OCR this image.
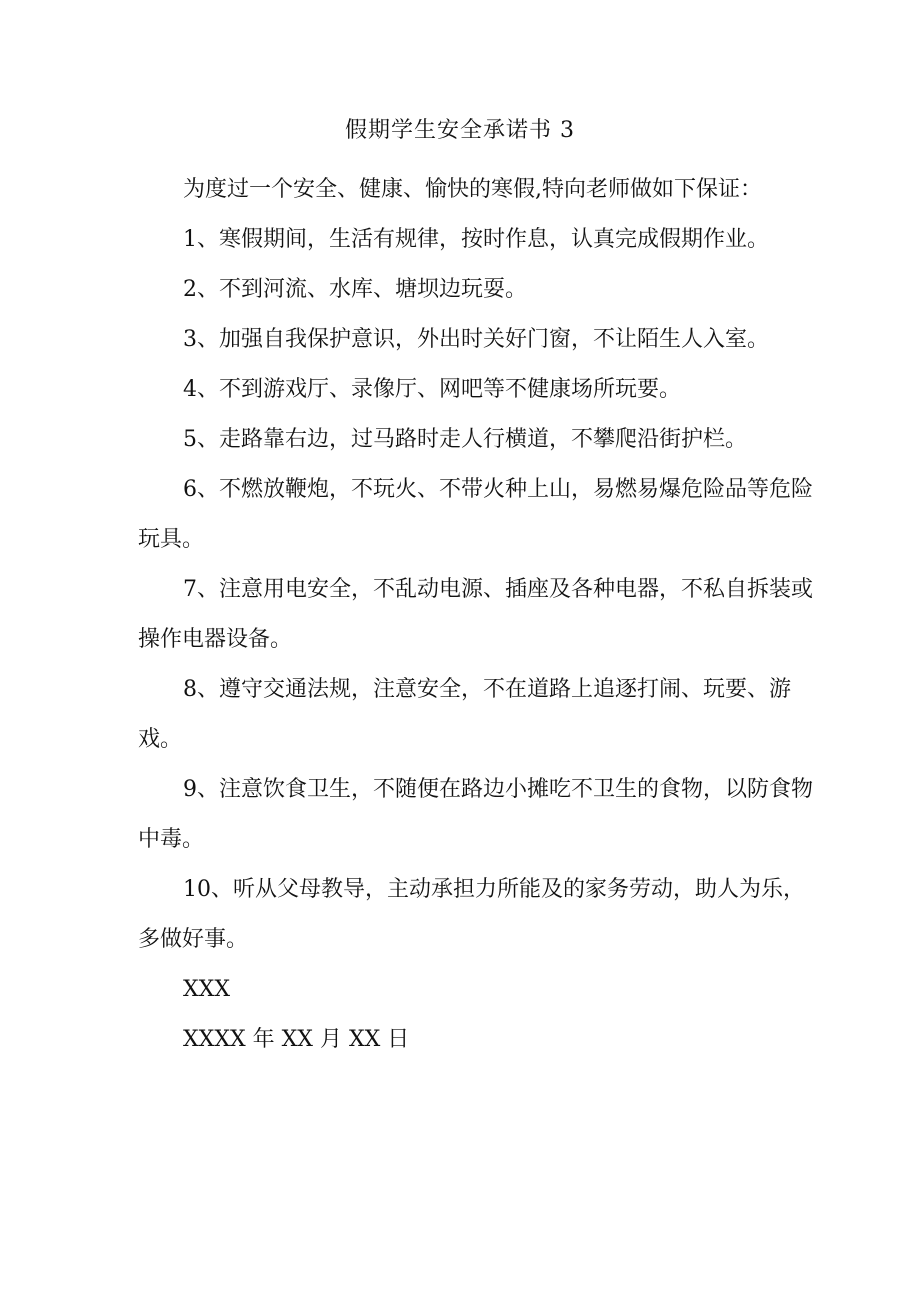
假期学生安全承诺书 3

为度过一个安全、健康、愉快的寒假,特向老师做如下保证：

1、寒假期间，生活有规律，按时作息，认真完成假期作业。

2、不到河流、水库、塘坝边玩耍。

3、加强自我保护意识，外出时关好门窗，不让陌生人入室。

4、不到游戏厅、录像厅、网吧等不健康场所玩要。

5、走路靠右边，过马路时走人行横道，不攀爬沿街护栏。

6、不燃放鞭炮，不玩火、不带火种上山，易燃易爆危险品等危险玩具。

7、注意用电安全，不乱动电源、插座及各种电器，不私自拆装或操作电器设备。

8、遵守交通法规，注意安全，不在道路上追逐打闹、玩要、游戏。

9、注意饮食卫生，不随便在路边小摊吃不卫生的食物，以防食物中毒。

10、听从父母教导，主动承担力所能及的家务劳动，助人为乐，多做好事。

XXX

XXXX 年 XX 月 XX 日
